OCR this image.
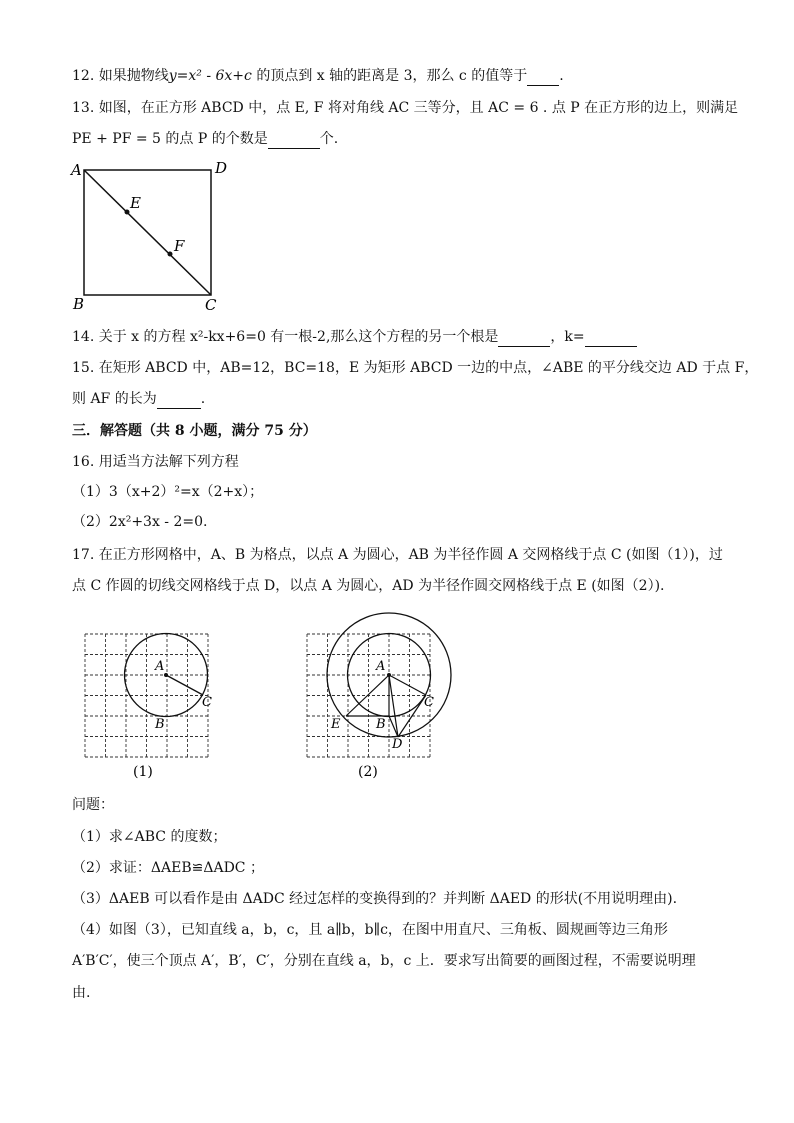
12. 如果抛物线y=x² - 6x+c 的顶点到 x 轴的距离是 3，那么 c 的值等于 .
13. 如图，在正方形 ABCD 中，点 E, F 将对角线 AC 三等分，且 AC = 6 . 点 P 在正方形的边上，则满足
PE + PF = 5 的点 P 的个数是	个.
A	D
B	C
E
F
14. 关于 x 的方程 x²-kx+6=0 有一根-2,那么这个方程的另一个根是	，k=
15. 在矩形 ABCD 中，AB=12，BC=18，E 为矩形 ABCD 一边的中点，∠ABE 的平分线交边 AD 于点 F，
则 AF 的长为	.
三．解答题（共 8 小题，满分 75 分）
16. 用适当方法解下列方程
（1）3（x+2）²=x（2+x）；
（2）2x²+3x - 2=0.
17. 在正方形网格中，A、B 为格点，以点 A 为圆心，AB 为半径作圆 A 交网格线于点 C (如图（1）)，过
点 C 作圆的切线交网格线于点 D，以点 A 为圆心，AD 为半径作圆交网格线于点 E (如图（2）).
A
B
C
(1)
A
B
C
D
E
(2)
问题：
（1）求∠ABC 的度数；
（2）求证：ΔAEB≌ΔADC ；
（3）ΔAEB 可以看作是由 ΔADC 经过怎样的变换得到的？并判断 ΔAED 的形状(不用说明理由).
（4）如图（3），已知直线 a，b，c，且 a∥b，b∥c，在图中用直尺、三角板、圆规画等边三角形
A′B′C′，使三个顶点 A′，B′，C′，分别在直线 a，b，c 上．要求写出简要的画图过程，不需要说明理
由.
